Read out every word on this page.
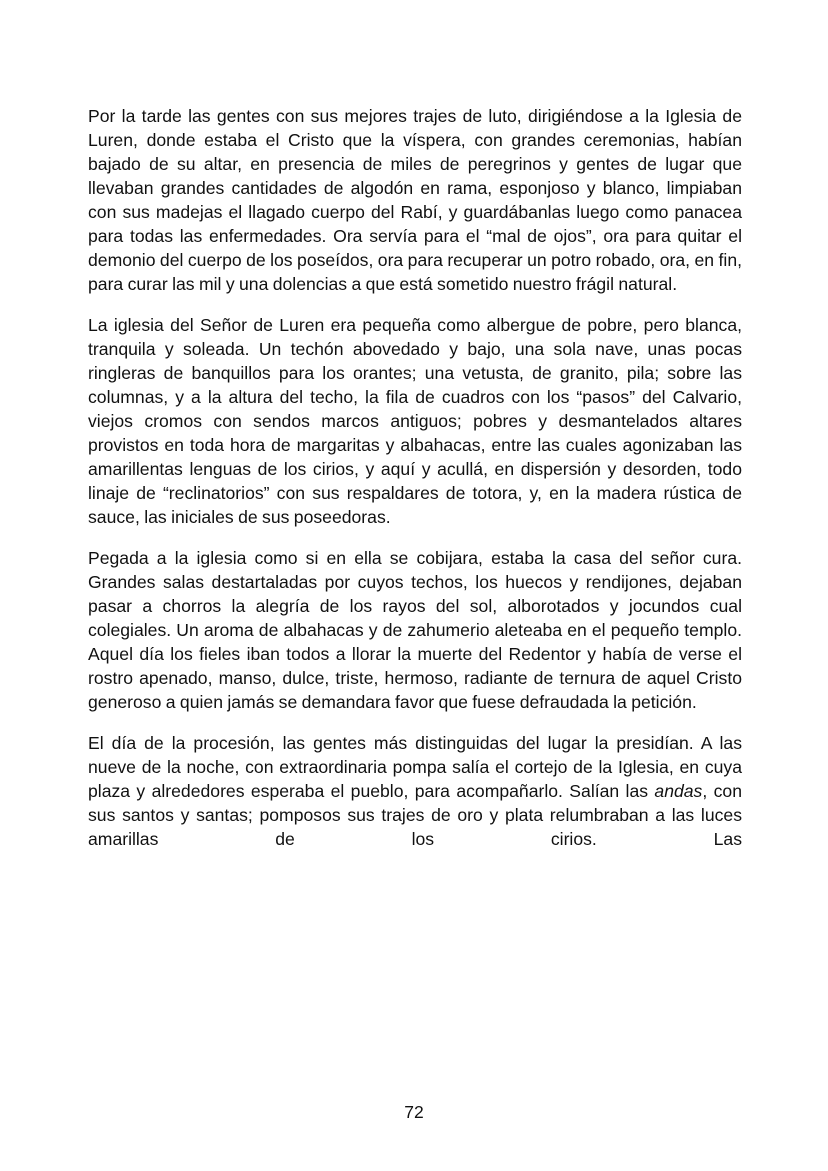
Por la tarde las gentes con sus mejores trajes de luto, dirigiéndose a la Iglesia de Luren, donde estaba el Cristo que la víspera, con grandes ceremonias, habían bajado de su altar, en presencia de miles de peregrinos y gentes de lugar que llevaban grandes cantidades de algodón en rama, esponjoso y blanco, limpiaban con sus madejas el llagado cuerpo del Rabí, y guardábanlas luego como panacea para todas las enfermedades. Ora servía para el “mal de ojos”, ora para quitar el demonio del cuerpo de los poseídos, ora para recuperar un potro robado, ora, en fin, para curar las mil y una dolencias a que está sometido nuestro frágil natural.

La iglesia del Señor de Luren era pequeña como albergue de pobre, pero blanca, tranquila y soleada. Un techón abovedado y bajo, una sola nave, unas pocas ringleras de banquillos para los orantes; una vetusta, de granito, pila; sobre las columnas, y a la altura del techo, la fila de cuadros con los “pasos” del Calvario, viejos cromos con sendos marcos antiguos; pobres y desmantelados altares provistos en toda hora de margaritas y albahacas, entre las cuales agonizaban las amarillentas lenguas de los cirios, y aquí y acullá, en dispersión y desorden, todo linaje de “reclinatorios” con sus respaldares de totora, y, en la madera rústica de sauce, las iniciales de sus poseedoras.

Pegada a la iglesia como si en ella se cobijara, estaba la casa del señor cura. Grandes salas destartaladas por cuyos techos, los huecos y rendijones, dejaban pasar a chorros la alegría de los rayos del sol, alborotados y jocundos cual colegiales. Un aroma de albahacas y de zahumerio aleteaba en el pequeño templo. Aquel día los fieles iban todos a llorar la muerte del Redentor y había de verse el rostro apenado, manso, dulce, triste, hermoso, radiante de ternura de aquel Cristo generoso a quien jamás se demandara favor que fuese defraudada la petición.

El día de la procesión, las gentes más distinguidas del lugar la presidían. A las nueve de la noche, con extraordinaria pompa salía el cortejo de la Iglesia, en cuya plaza y alrededores esperaba el pueblo, para acompañarlo. Salían las andas, con sus santos y santas; pomposos sus trajes de oro y plata relumbraban a las luces amarillas de los cirios. Las

72
